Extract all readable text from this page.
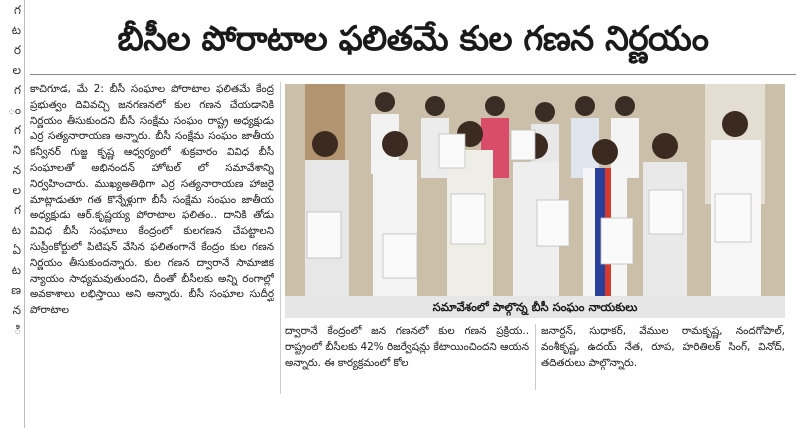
గ
ట
ర
ల
గ
ం
గ
ని
న
ల
గ
ట
ఏ
ట
ణ
న
ి
బీసీల పోరాటాల ఫలితమే కుల గణన నిర్ణయం

కాచిగూడ, మే 2: బీసీ సంఘాల పోరాటాల ఫలితమే కేంద్ర ప్రభుత్వం దివివచ్చి జనగణనలో కుల గణన చేయడానికి నిర్ణయం తీసుకుందని బీసీ సంక్షేమ సంఘం రాష్ట్ర అధ్యక్షుడు ఎర్ర సత్యనారాయణ అన్నారు. బీసీ సంక్షేమ సంఘం జాతీయ కన్వీనర్ గుజ్జ కృష్ణ ఆధ్వర్యంలో శుక్రవారం వివిధ బీసీ సంఘాలతో అభినందన్ హోటల్ లో సమావేశాన్ని నిర్వహించారు. ముఖ్యఅతిథిగా ఎర్ర సత్యనారాయణ హాజరై మాట్లాడుతూ గత కొన్నేళ్లుగా బీసీ సంక్షేమ సంఘం జాతీయ అధ్యక్షుడు ఆర్.కృష్ణయ్య పోరాటాల ఫలితం.. దానికి తోడు వివిధ బీసీ సంఘాలు కేంద్రంలో కులగణన చేపట్టాలని సుప్రీంకోర్టులో పిటిషన్ వేసిన ఫలితంగానే కేంద్రం కుల గణన నిర్ణయం తీసుకుందన్నారు. కుల గణన ద్వారానే సామాజిక న్యాయం సాధ్యమవుతుందని, దీంతో బీసీలకు అన్ని రంగాల్లో అవకాశాలు లభిస్తాయి అని అన్నారు. బీసీ సంఘాల సుదీర్ఘ పోరాటాల	సమావేశంలో పాల్గొన్న బీసీ సంఘం నాయకులు

ద్వారానే కేంద్రంలో జన గణనలో కుల గణన ప్రక్రియ.. రాష్ట్రంలో బీసీలకు 42% రిజర్వేషన్లు కేటాయించిందని ఆయన అన్నారు. ఈ కార్యక్రమంలో కోల

జనార్దన్, సుధాకర్, వేముల రామకృష్ణ, నందగోపాల్, వంశీకృష్ణ, ఉదయ్ నేత, రూప, హరితిలక్ సింగ్, వినోద్, తదితరులు పాల్గొన్నారు.
